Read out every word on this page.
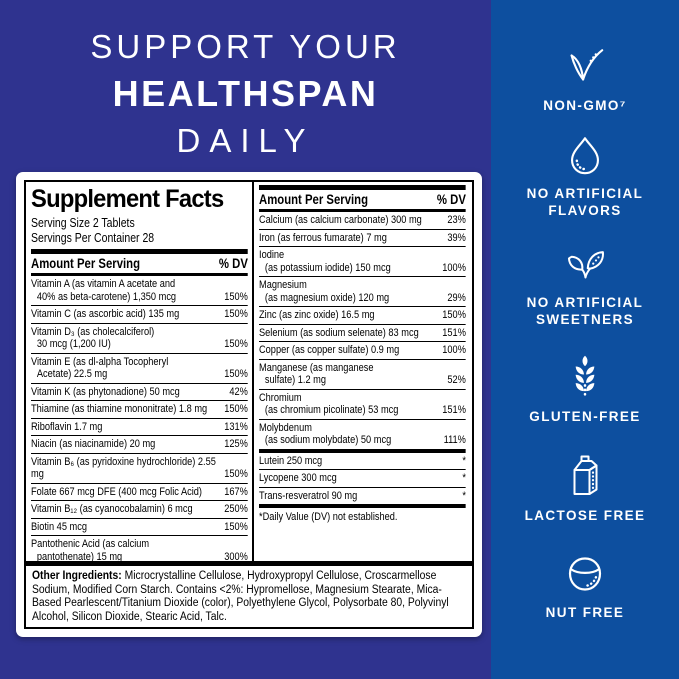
SUPPORT YOUR
HEALTHSPAN
DAILY
Supplement Facts
Serving Size 2 Tablets
Servings Per Container 28
Amount Per Serving	% DV
Vitamin A (as vitamin A acetate and
40% as beta-carotene) 1,350 mcg	150%
Vitamin C (as ascorbic acid) 135 mg	150%
Vitamin D₃ (as cholecalciferol)
30 mcg (1,200 IU)	150%
Vitamin E (as dl-alpha Tocopheryl
Acetate) 22.5 mg	150%
Vitamin K (as phytonadione) 50 mcg	42%
Thiamine (as thiamine mononitrate) 1.8 mg	150%
Riboflavin 1.7 mg	131%
Niacin (as niacinamide) 20 mg	125%
Vitamin B₆ (as pyridoxine hydrochloride) 2.55 mg	150%
Folate 667 mcg DFE (400 mcg Folic Acid)	167%
Vitamin B₁₂ (as cyanocobalamin) 6 mcg	250%
Biotin 45 mcg	150%
Pantothenic Acid (as calcium
pantothenate) 15 mg	300%
Amount Per Serving	% DV
Calcium (as calcium carbonate) 300 mg	23%
Iron (as ferrous fumarate) 7 mg	39%
Iodine
(as potassium iodide) 150 mcg	100%
Magnesium
(as magnesium oxide) 120 mg	29%
Zinc (as zinc oxide) 16.5 mg	150%
Selenium (as sodium selenate) 83 mcg	151%
Copper (as copper sulfate) 0.9 mg	100%
Manganese (as manganese
sulfate) 1.2 mg	52%
Chromium
(as chromium picolinate) 53 mcg	151%
Molybdenum
(as sodium molybdate) 50 mcg	111%
Lutein 250 mcg	*
Lycopene 300 mcg	*
Trans-resveratrol 90 mg	*
*Daily Value (DV) not established.
Other Ingredients: Microcrystalline Cellulose, Hydroxypropyl Cellulose, Croscarmellose Sodium, Modified Corn Starch. Contains <2%: Hypromellose, Magnesium Stearate, Mica-Based Pearlescent/Titanium Dioxide (color), Polyethylene Glycol, Polysorbate 80, Polyvinyl Alcohol, Silicon Dioxide, Stearic Acid, Talc.
NON-GMO⁷
NO ARTIFICIAL
FLAVORS
NO ARTIFICIAL
SWEETNERS
GLUTEN-FREE
LACTOSE FREE
NUT FREE
